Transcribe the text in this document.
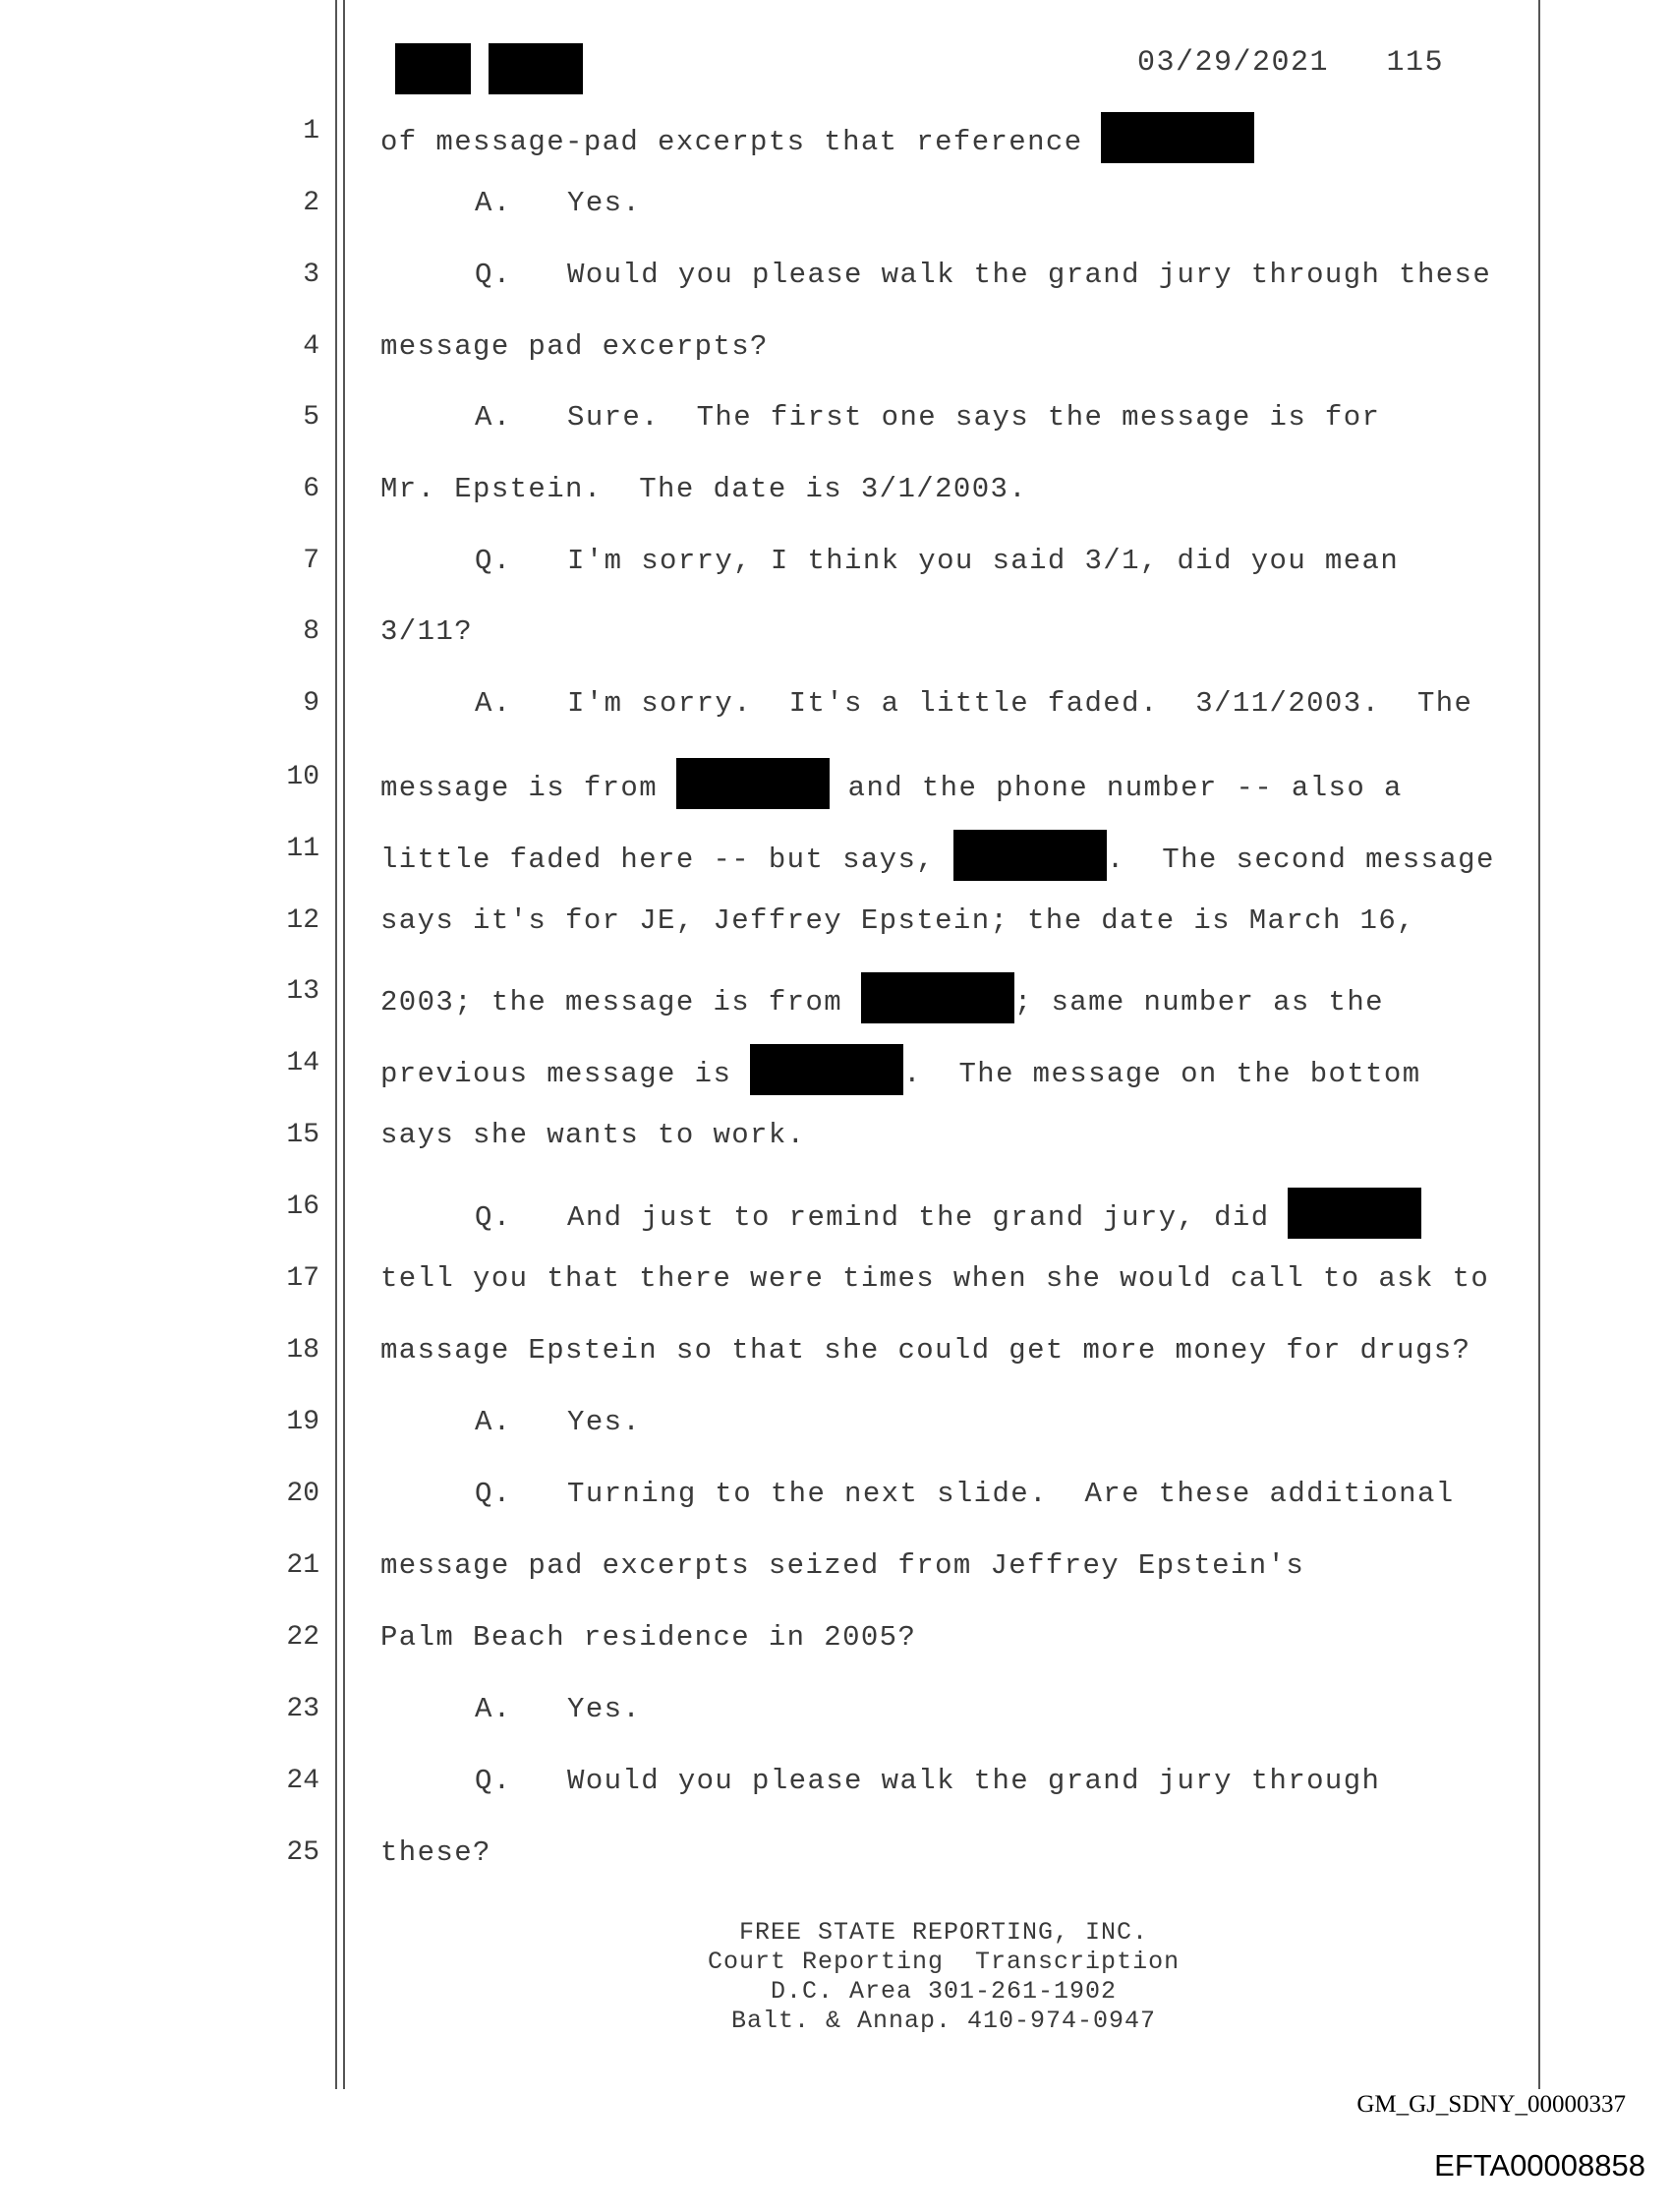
03/29/2021   115
1 of message-pad excerpts that reference
2	A.   Yes.
3	Q.   Would you please walk the grand jury through these
4 message pad excerpts?
5	A.   Sure.  The first one says the message is for
6 Mr. Epstein.  The date is 3/1/2003.
7	Q.   I'm sorry, I think you said 3/1, did you mean
8 3/11?
9	A.   I'm sorry.  It's a little faded.  3/11/2003.  The
10 message is from	and the phone number -- also a
11 little faded here -- but says,	.  The second message
12 says it's for JE, Jeffrey Epstein; the date is March 16,
13 2003; the message is from	; same number as the
14 previous message is	.  The message on the bottom
15 says she wants to work.
16	Q.   And just to remind the grand jury, did
17 tell you that there were times when she would call to ask to
18 massage Epstein so that she could get more money for drugs?
19	A.   Yes.
20	Q.   Turning to the next slide.  Are these additional
21 message pad excerpts seized from Jeffrey Epstein's
22 Palm Beach residence in 2005?
23	A.   Yes.
24	Q.   Would you please walk the grand jury through
25 these?
FREE STATE REPORTING, INC.
Court Reporting  Transcription
D.C. Area 301-261-1902
Balt. & Annap. 410-974-0947
GM_GJ_SDNY_00000337
EFTA00008858
